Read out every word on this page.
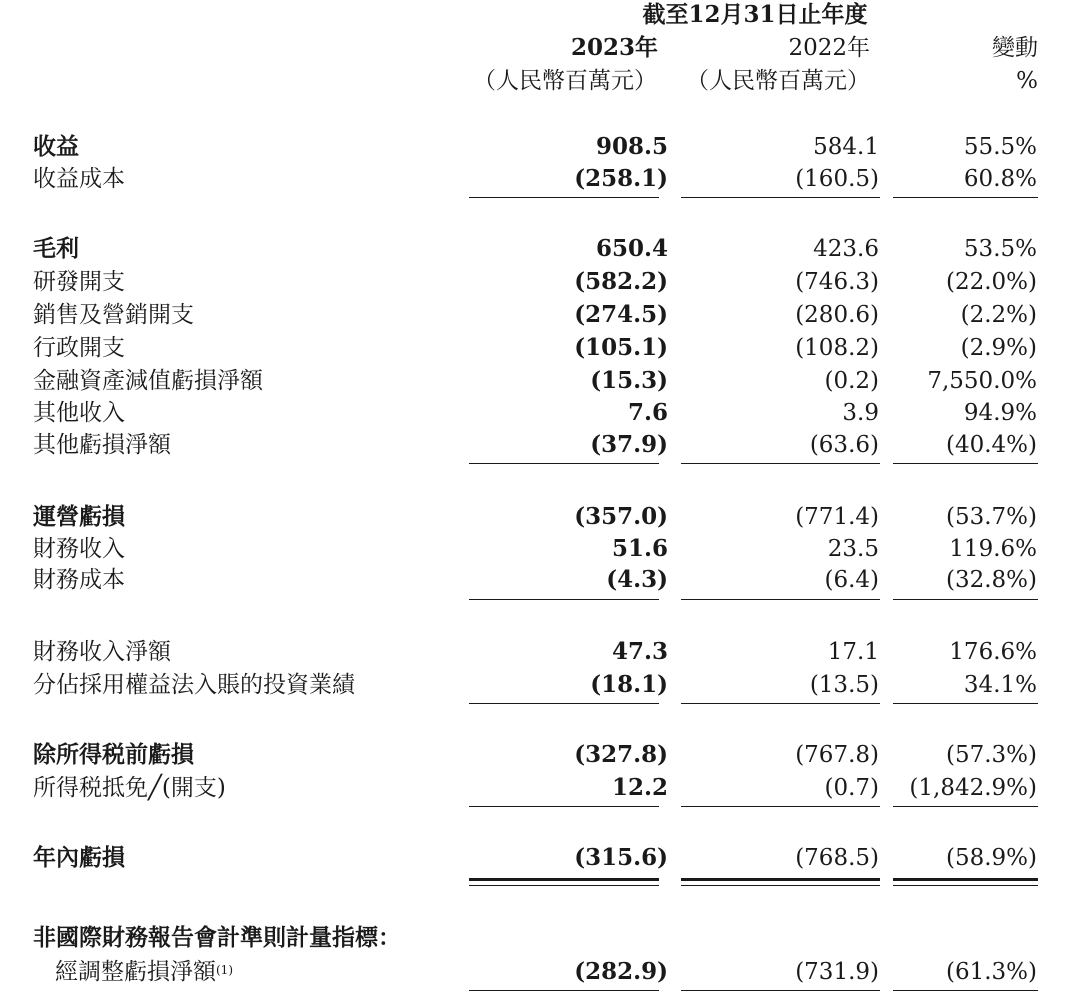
截至12月31日止年度
2023年
（人民幣百萬元）
2022年
（人民幣百萬元）
變動
%
收益	908.5	584.1	55.5%
收益成本	(258.1)	(160.5)	60.8%
毛利	650.4	423.6	53.5%
研發開支	(582.2)	(746.3)	(22.0%)
銷售及營銷開支	(274.5)	(280.6)	(2.2%)
行政開支	(105.1)	(108.2)	(2.9%)
金融資產減值虧損淨額	(15.3)	(0.2) 7,550.0%
其他收入	7.6	3.9	94.9%
其他虧損淨額	(37.9)	(63.6)	(40.4%)
運營虧損	(357.0)	(771.4)	(53.7%)
財務收入	51.6	23.5	119.6%
財務成本	(4.3)	(6.4)	(32.8%)
財務收入淨額	47.3	17.1	176.6%
分佔採用權益法入賬的投資業績	(18.1)	(13.5)	34.1%
除所得税前虧損	(327.8)	(767.8)	(57.3%)
所得税抵免╱(開支)	12.2	(0.7) (1,842.9%)
年內虧損	(315.6)	(768.5)	(58.9%)
非國際財務報告會計準則計量指標：
經調整虧損淨額$^{(1)}$	(282.9)	(731.9)	(61.3%)
